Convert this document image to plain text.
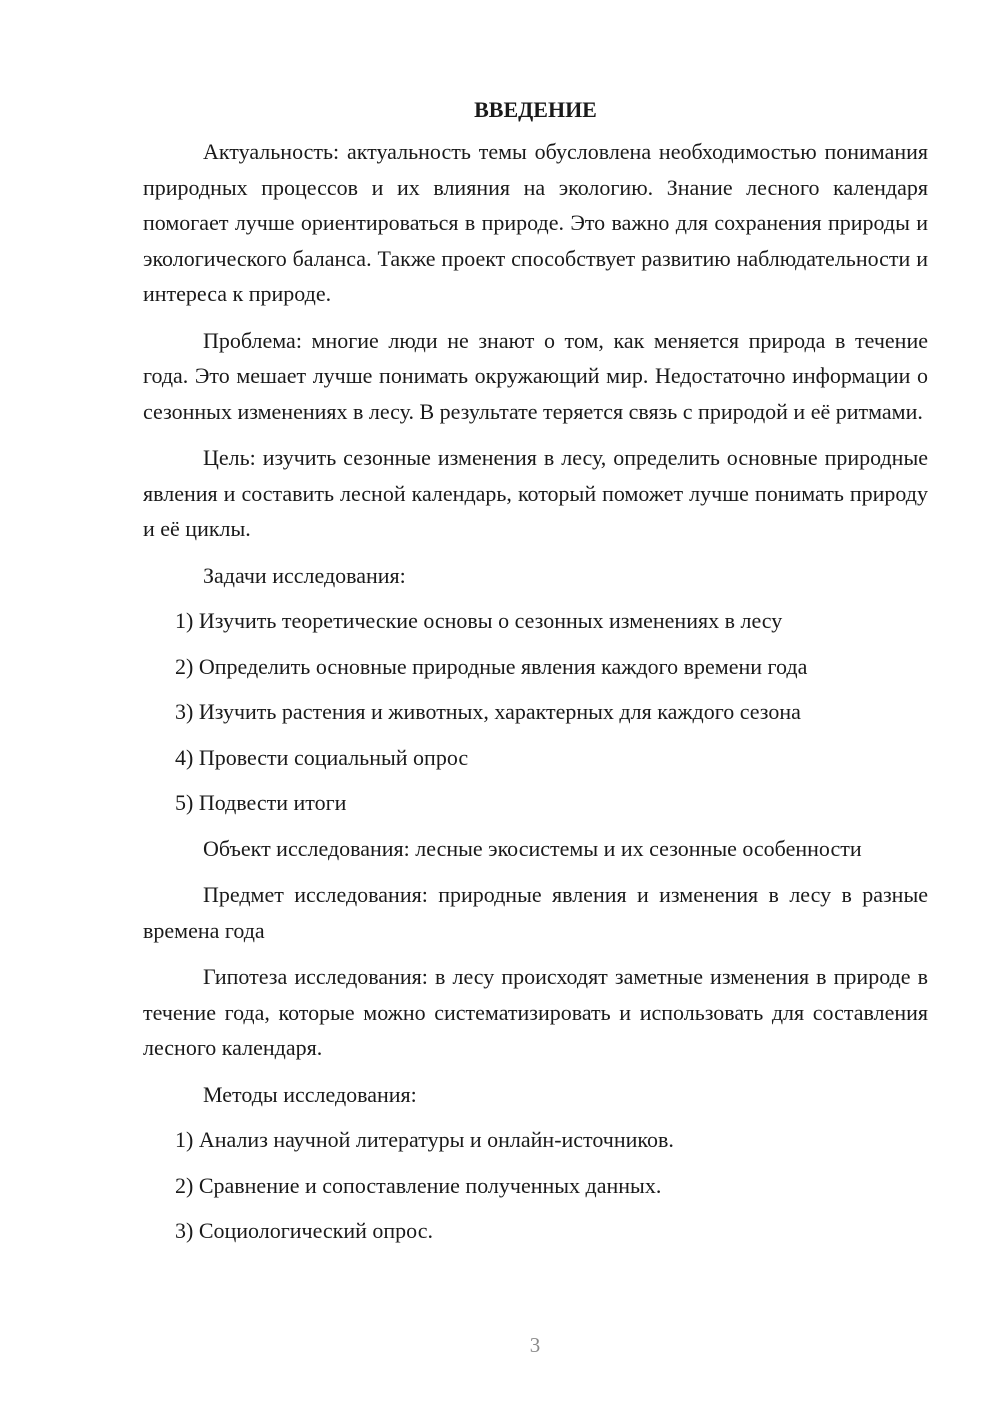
ВВЕДЕНИЕ

Актуальность: актуальность темы обусловлена необходимостью понимания природных процессов и их влияния на экологию. Знание лесного календаря помогает лучше ориентироваться в природе. Это важно для сохранения природы и экологического баланса. Также проект способствует развитию наблюдательности и интереса к природе.

Проблема: многие люди не знают о том, как меняется природа в течение года. Это мешает лучше понимать окружающий мир. Недостаточно информации о сезонных изменениях в лесу. В результате теряется связь с природой и её ритмами.

Цель: изучить сезонные изменения в лесу, определить основные природные явления и составить лесной календарь, который поможет лучше понимать природу и её циклы.

Задачи исследования:

1) Изучить теоретические основы о сезонных изменениях в лесу
2) Определить основные природные явления каждого времени года
3) Изучить растения и животных, характерных для каждого сезона
4) Провести социальный опрос
5) Подвести итоги

Объект исследования: лесные экосистемы и их сезонные особенности

Предмет исследования: природные явления и изменения в лесу в разные времена года

Гипотеза исследования: в лесу происходят заметные изменения в природе в течение года, которые можно систематизировать и использовать для составления лесного календаря.

Методы исследования:

1) Анализ научной литературы и онлайн-источников.
2) Сравнение и сопоставление полученных данных.
3) Социологический опрос.
3
